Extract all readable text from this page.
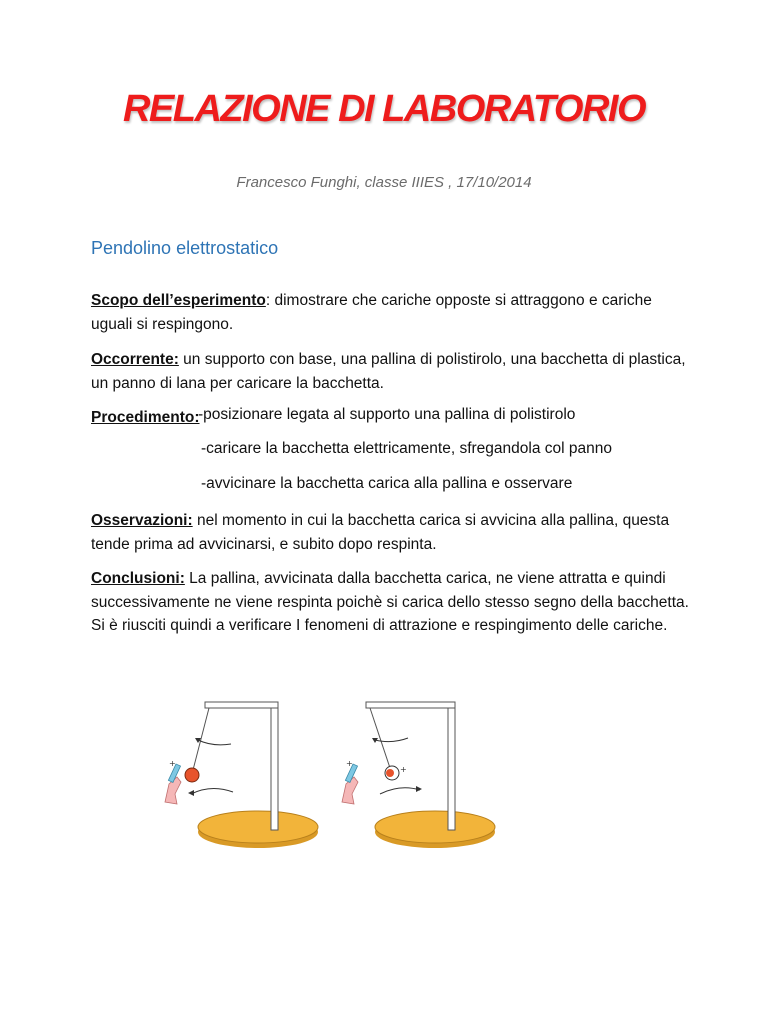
RELAZIONE DI LABORATORIO
Francesco Funghi, classe IIIES , 17/10/2014
Pendolino elettrostatico
Scopo dell’esperimento: dimostrare che cariche opposte si attraggono e cariche uguali si respingono.
Occorrente: un supporto con base, una pallina di polistirolo, una bacchetta di plastica, un panno di lana per caricare la bacchetta.
Procedimento:
-posizionare legata al supporto una pallina di polistirolo
-caricare la bacchetta elettricamente, sfregandola col panno
-avvicinare la bacchetta carica alla pallina e osservare
Osservazioni: nel momento in cui la bacchetta carica si avvicina alla pallina, questa tende prima ad avvicinarsi, e subito dopo respinta.
Conclusioni: La pallina, avvicinata dalla bacchetta carica, ne viene attratta e quindi successivamente ne viene respinta poichè si carica dello stesso segno della bacchetta. Si è riusciti quindi a verificare I fenomeni di attrazione e respingimento delle cariche.
+
+
+
